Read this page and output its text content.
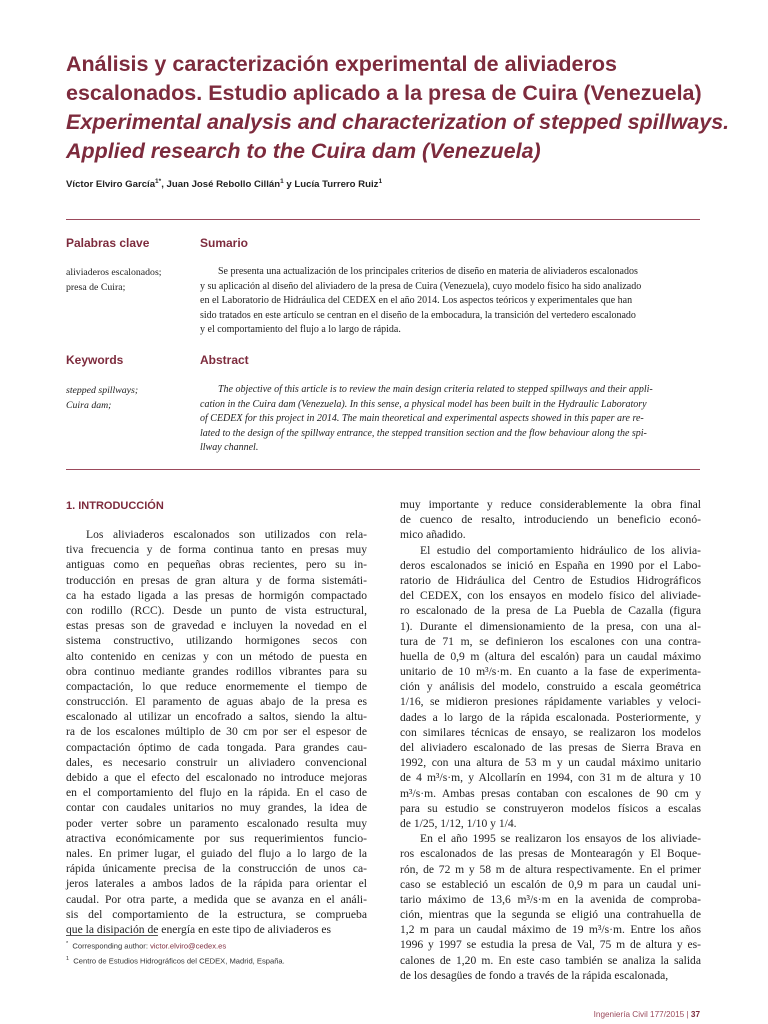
Análisis y caracterización experimental de aliviaderos
escalonados. Estudio aplicado a la presa de Cuira (Venezuela)
Experimental analysis and characterization of stepped spillways.
Applied research to the Cuira dam (Venezuela)
Víctor Elviro García$^{1*}$, Juan José Rebollo Cillán$^1$ y Lucía Turrero Ruiz$^1$
Palabras clave	Sumario
aliviaderos escalonados;
presa de Cuira;
Se presenta una actualización de los principales criterios de diseño en materia de aliviaderos escalonados
y su aplicación al diseño del aliviadero de la presa de Cuira (Venezuela), cuyo modelo físico ha sido analizado
en el Laboratorio de Hidráulica del CEDEX en el año 2014. Los aspectos teóricos y experimentales que han
sido tratados en este artículo se centran en el diseño de la embocadura, la transición del vertedero escalonado
y el comportamiento del flujo a lo largo de rápida.
Keywords	Abstract
stepped spillways;
Cuira dam;
The objective of this article is to review the main design criteria related to stepped spillways and their appli-
cation in the Cuira dam (Venezuela). In this sense, a physical model has been built in the Hydraulic Laboratory
of CEDEX for this project in 2014. The main theoretical and experimental aspects showed in this paper are re-
lated to the design of the spillway entrance, the stepped transition section and the flow behaviour along the spi-
llway channel.
1. INTRODUCCIÓN
Los aliviaderos escalonados son utilizados con rela-
tiva frecuencia y de forma continua tanto en presas muy
antiguas como en pequeñas obras recientes, pero su in-
troducción en presas de gran altura y de forma sistemáti-
ca ha estado ligada a las presas de hormigón compactado
con rodillo (RCC). Desde un punto de vista estructural,
estas presas son de gravedad e incluyen la novedad en el
sistema constructivo, utilizando hormigones secos con
alto contenido en cenizas y con un método de puesta en
obra continuo mediante grandes rodillos vibrantes para su
compactación, lo que reduce enormemente el tiempo de
construcción. El paramento de aguas abajo de la presa es
escalonado al utilizar un encofrado a saltos, siendo la altu-
ra de los escalones múltiplo de 30 cm por ser el espesor de
compactación óptimo de cada tongada. Para grandes cau-
dales, es necesario construir un aliviadero convencional
debido a que el efecto del escalonado no introduce mejoras
en el comportamiento del flujo en la rápida. En el caso de
contar con caudales unitarios no muy grandes, la idea de
poder verter sobre un paramento escalonado resulta muy
atractiva económicamente por sus requerimientos funcio-
nales. En primer lugar, el guiado del flujo a lo largo de la
rápida únicamente precisa de la construcción de unos ca-
jeros laterales a ambos lados de la rápida para orientar el
caudal. Por otra parte, a medida que se avanza en el análi-
sis del comportamiento de la estructura, se comprueba
que la disipación de energía en este tipo de aliviaderos es
muy importante y reduce considerablemente la obra final
de cuenco de resalto, introduciendo un beneficio econó-
mico añadido.
El estudio del comportamiento hidráulico de los alivia-
deros escalonados se inició en España en 1990 por el Labo-
ratorio de Hidráulica del Centro de Estudios Hidrográficos
del CEDEX, con los ensayos en modelo físico del aliviade-
ro escalonado de la presa de La Puebla de Cazalla (figura
1). Durante el dimensionamiento de la presa, con una al-
tura de 71 m, se definieron los escalones con una contra-
huella de 0,9 m (altura del escalón) para un caudal máximo
unitario de 10 m³/s·m. En cuanto a la fase de experimenta-
ción y análisis del modelo, construido a escala geométrica
1/16, se midieron presiones rápidamente variables y veloci-
dades a lo largo de la rápida escalonada. Posteriormente, y
con similares técnicas de ensayo, se realizaron los modelos
del aliviadero escalonado de las presas de Sierra Brava en
1992, con una altura de 53 m y un caudal máximo unitario
de 4 m³/s·m, y Alcollarín en 1994, con 31 m de altura y 10
m³/s·m. Ambas presas contaban con escalones de 90 cm y
para su estudio se construyeron modelos físicos a escalas
de 1/25, 1/12, 1/10 y 1/4.
En el año 1995 se realizaron los ensayos de los aliviade-
ros escalonados de las presas de Montearagón y El Boque-
rón, de 72 m y 58 m de altura respectivamente. En el primer
caso se estableció un escalón de 0,9 m para un caudal uni-
tario máximo de 13,6 m³/s·m en la avenida de comproba-
ción, mientras que la segunda se eligió una contrahuella de
1,2 m para un caudal máximo de 19 m³/s·m. Entre los años
1996 y 1997 se estudia la presa de Val, 75 m de altura y es-
calones de 1,20 m. En este caso también se analiza la salida
de los desagües de fondo a través de la rápida escalonada,
* Corresponding author: victor.elviro@cedex.es
$^1$ Centro de Estudios Hidrográficos del CEDEX, Madrid, España.
Ingeniería Civil 177/2015 | 37
